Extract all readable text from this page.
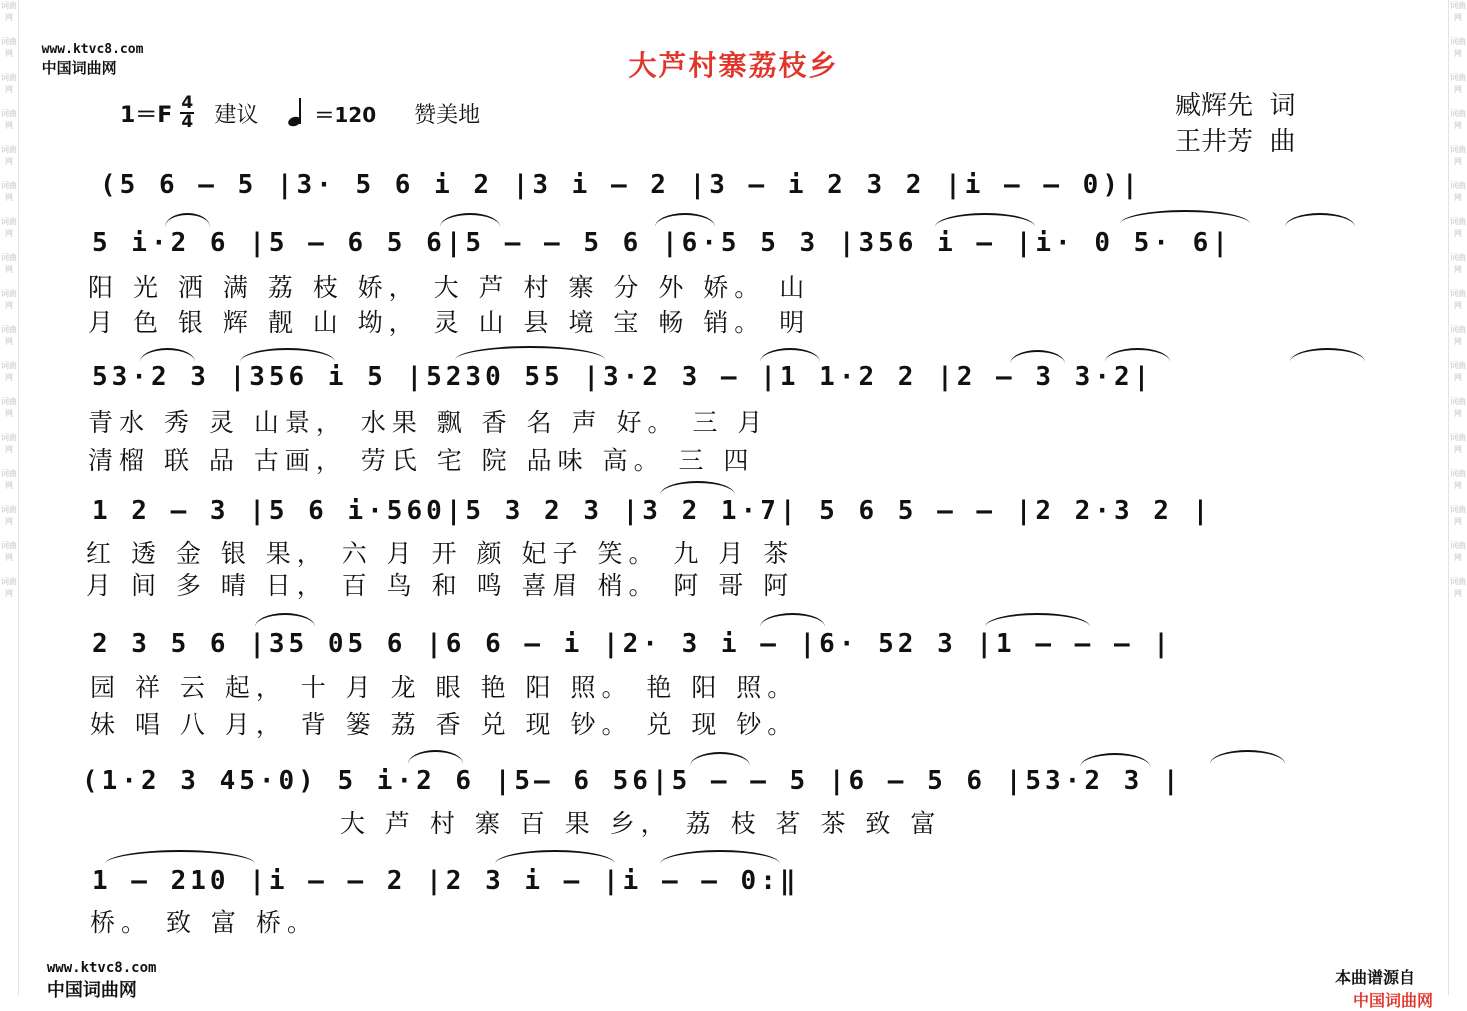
词曲网
词曲网
词曲网
词曲网
词曲网
词曲网
词曲网
词曲网
词曲网
词曲网
词曲网
词曲网
词曲网
词曲网
词曲网
词曲网
词曲网
词曲网
词曲网
词曲网
词曲网
词曲网
词曲网
词曲网
词曲网
词曲网
词曲网
词曲网
词曲网
词曲网
词曲网
词曲网
词曲网
词曲网

www.ktvc8.com
中国词曲网	大芦村寨荔枝乡
$1=F \frac{4}{4}$ 建议	＝120 赞美地	臧辉先  词
王井芳  曲
(5 6 – 5 |3· 5 6 i 2 |3 i – 2 |3 – i 2 3 2 |i – – 0)|
5 i·2 6 |5 – 6 5 6|5 – – 5 6 |6·5 5 3 |356 i – |i· 0 5· 6|
阳 光 洒 满 荔 枝 娇， 大 芦 村 寨 分 外 娇。 山
月 色 银 辉 靓 山 坳， 灵 山 县 境 宝 畅 销。 明
53·2 3 |356 i 5 |5230 55 |3·2 3 – |1 1·2 2 |2 – 3 3·2|
青水 秀 灵 山景， 水果 飘 香 名 声 好。 三 月
清榴 联 品 古画， 劳氏 宅 院 品味 高。 三 四
1 2 – 3 |5 6 i·560|5 3 2 3 |3 2 1·7| 5 6 5 – – |2 2·3 2 |
红 透 金 银 果， 六 月 开 颜 妃子 笑。 九 月 茶
月 间 多 晴 日， 百 鸟 和 鸣 喜眉 梢。 阿 哥 阿
2 3 5 6 |35 05 6 |6 6 – i |2· 3 i – |6· 52 3 |1 – – – |
园 祥 云 起， 十 月 龙 眼 艳 阳 照。 艳 阳 照。
妹 唱 八 月， 背 篓 荔 香 兑 现 钞。 兑 现 钞。
(1·2 3 45·0) 5 i·2 6 |5– 6 56|5 – – 5 |6 – 5 6 |53·2 3 |
大 芦 村 寨 百 果 乡， 荔 枝 茗 茶 致 富
1 – 210 |i – – 2 |2 3 i – |i – – 0:‖
桥。 致 富 桥。

www.ktvc8.com
中国词曲网

本曲谱源自
中国词曲网
